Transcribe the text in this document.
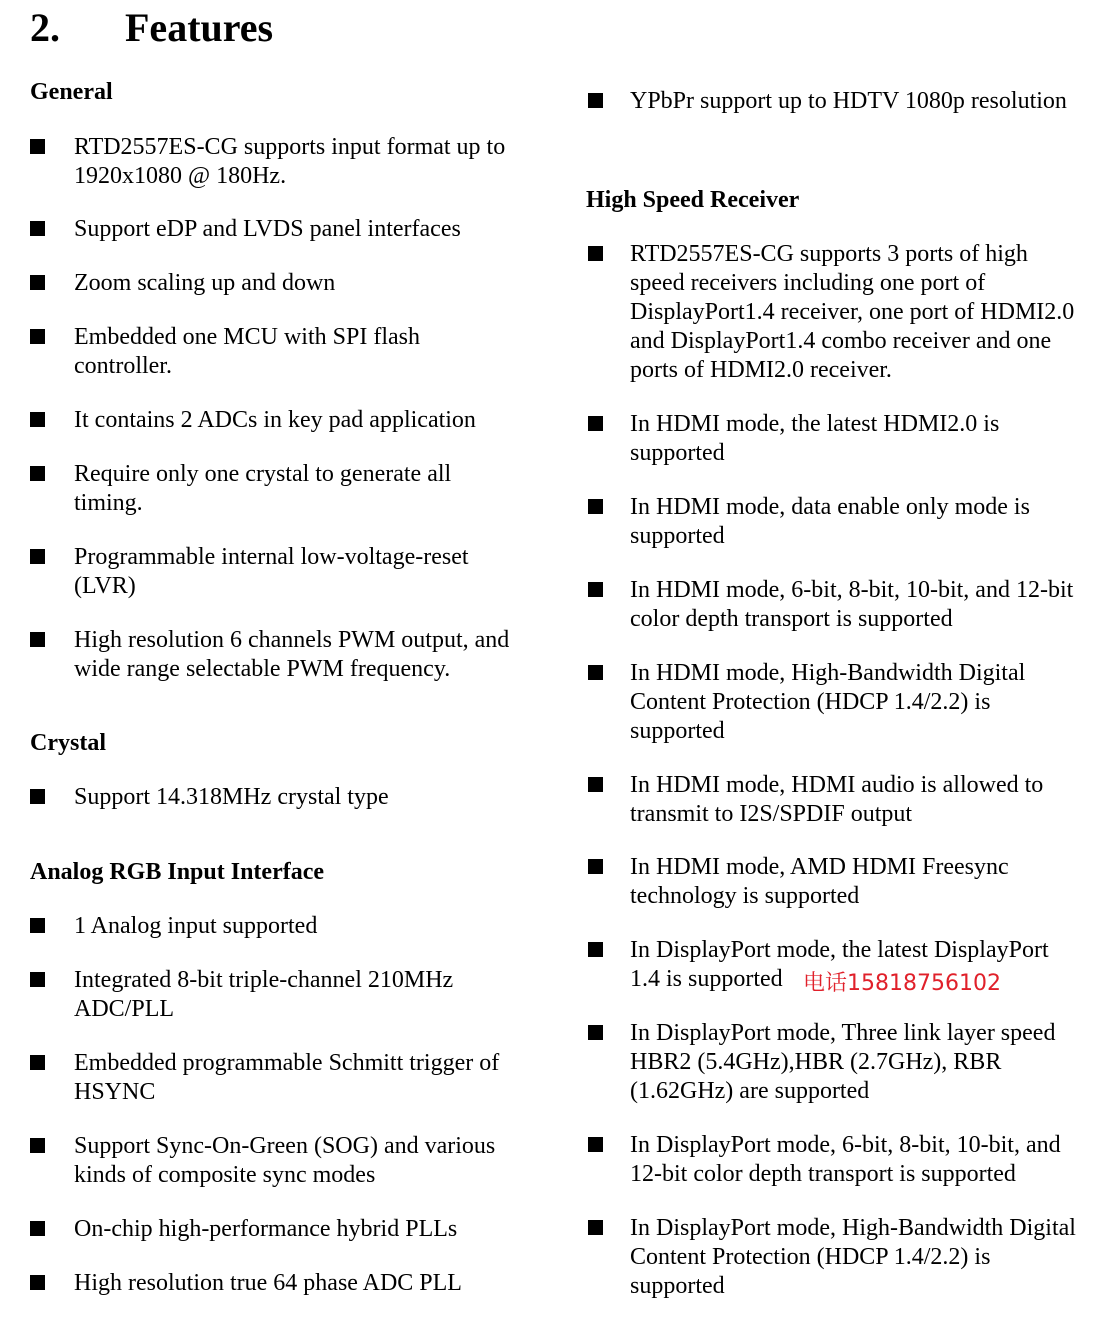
2.	Features
General
RTD2557ES-CG supports input format up to
1920x1080 @ 180Hz.
Support eDP and LVDS panel interfaces
Zoom scaling up and down
Embedded one MCU with SPI flash
controller.
It contains 2 ADCs in key pad application
Require only one crystal to generate all
timing.
Programmable internal low-voltage-reset
(LVR)
High resolution 6 channels PWM output, and
wide range selectable PWM frequency.
Crystal
Support 14.318MHz crystal type
Analog RGB Input Interface
1 Analog input supported
Integrated 8-bit triple-channel 210MHz
ADC/PLL
Embedded programmable Schmitt trigger of
HSYNC
Support Sync-On-Green (SOG) and various
kinds of composite sync modes
On-chip high-performance hybrid PLLs
High resolution true 64 phase ADC PLL
YPbPr support up to HDTV 1080p resolution
High Speed Receiver
RTD2557ES-CG supports 3 ports of high
speed receivers including one port of
DisplayPort1.4 receiver, one port of HDMI2.0
and DisplayPort1.4 combo receiver and one
ports of HDMI2.0 receiver.
In HDMI mode, the latest HDMI2.0 is
supported
In HDMI mode, data enable only mode is
supported
In HDMI mode, 6-bit, 8-bit, 10-bit, and 12-bit
color depth transport is supported
In HDMI mode, High-Bandwidth Digital
Content Protection (HDCP 1.4/2.2) is
supported
In HDMI mode, HDMI audio is allowed to
transmit to I2S/SPDIF output
In HDMI mode, AMD HDMI Freesync
technology is supported
In DisplayPort mode, the latest DisplayPort
1.4 is supported
In DisplayPort mode, Three link layer speed
HBR2 (5.4GHz),HBR (2.7GHz), RBR
(1.62GHz) are supported
In DisplayPort mode, 6-bit, 8-bit, 10-bit, and
12-bit color depth transport is supported
In DisplayPort mode, High-Bandwidth Digital
Content Protection (HDCP 1.4/2.2) is
supported
电话15818756102
